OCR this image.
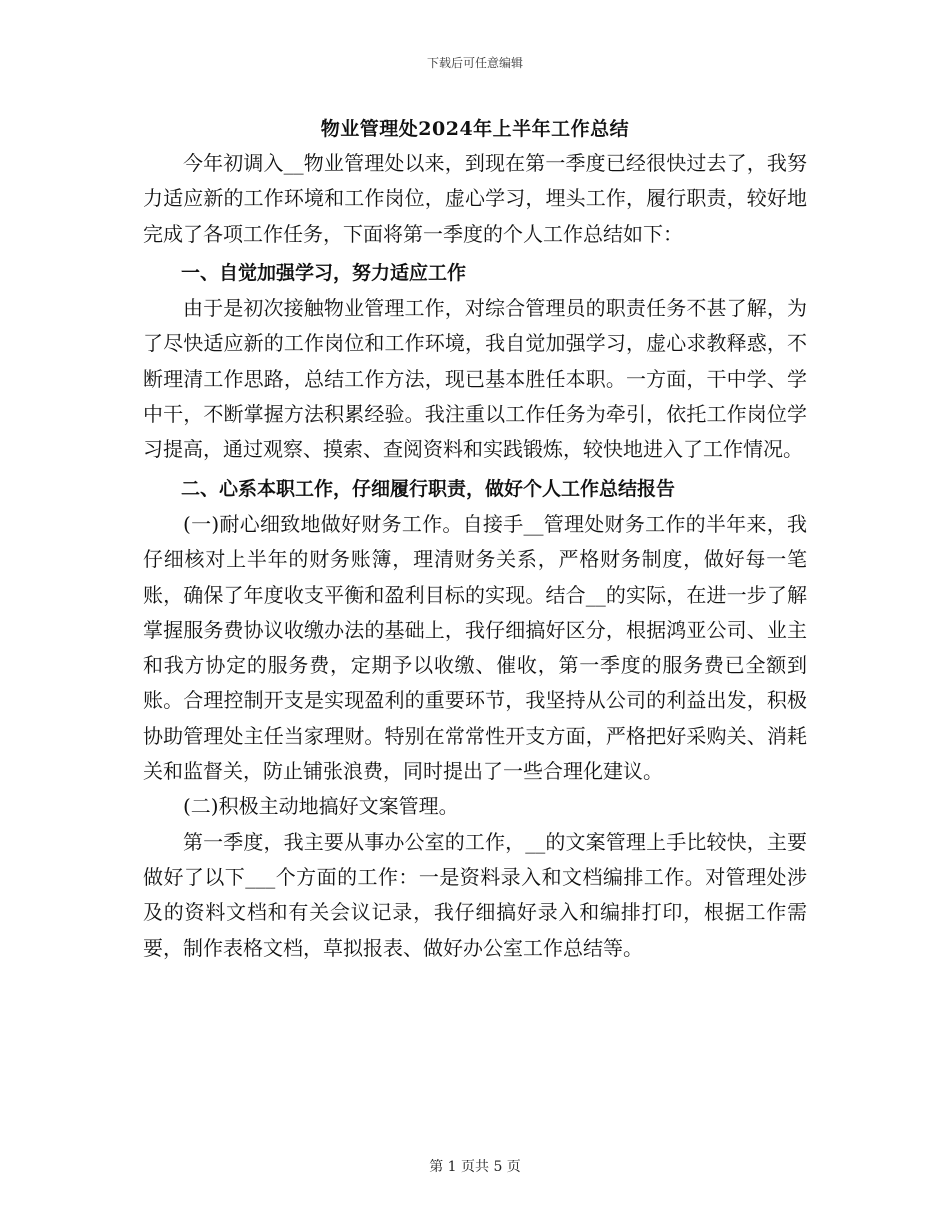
下载后可任意编辑
物业管理处2024年上半年工作总结

今年初调入__物业管理处以来，到现在第一季度已经很快过去了，我努力适应新的工作环境和工作岗位，虚心学习，埋头工作，履行职责，较好地完成了各项工作任务，下面将第一季度的个人工作总结如下：

一、自觉加强学习，努力适应工作

由于是初次接触物业管理工作，对综合管理员的职责任务不甚了解，为了尽快适应新的工作岗位和工作环境，我自觉加强学习，虚心求教释惑，不断理清工作思路，总结工作方法，现已基本胜任本职。一方面，干中学、学中干，不断掌握方法积累经验。我注重以工作任务为牵引，依托工作岗位学习提高，通过观察、摸索、查阅资料和实践锻炼，较快地进入了工作情况。

二、心系本职工作，仔细履行职责，做好个人工作总结报告

(一)耐心细致地做好财务工作。自接手__管理处财务工作的半年来，我仔细核对上半年的财务账簿，理清财务关系，严格财务制度，做好每一笔账，确保了年度收支平衡和盈利目标的实现。结合__的实际，在进一步了解掌握服务费协议收缴办法的基础上，我仔细搞好区分，根据鸿亚公司、业主和我方协定的服务费，定期予以收缴、催收，第一季度的服务费已全额到账。合理控制开支是实现盈利的重要环节，我坚持从公司的利益出发，积极协助管理处主任当家理财。特别在常常性开支方面，严格把好采购关、消耗关和监督关，防止铺张浪费，同时提出了一些合理化建议。

(二)积极主动地搞好文案管理。

第一季度，我主要从事办公室的工作，__的文案管理上手比较快，主要做好了以下___个方面的工作：一是资料录入和文档编排工作。对管理处涉及的资料文档和有关会议记录，我仔细搞好录入和编排打印，根据工作需要，制作表格文档，草拟报表、做好办公室工作总结等。

第 1 页共 5 页
